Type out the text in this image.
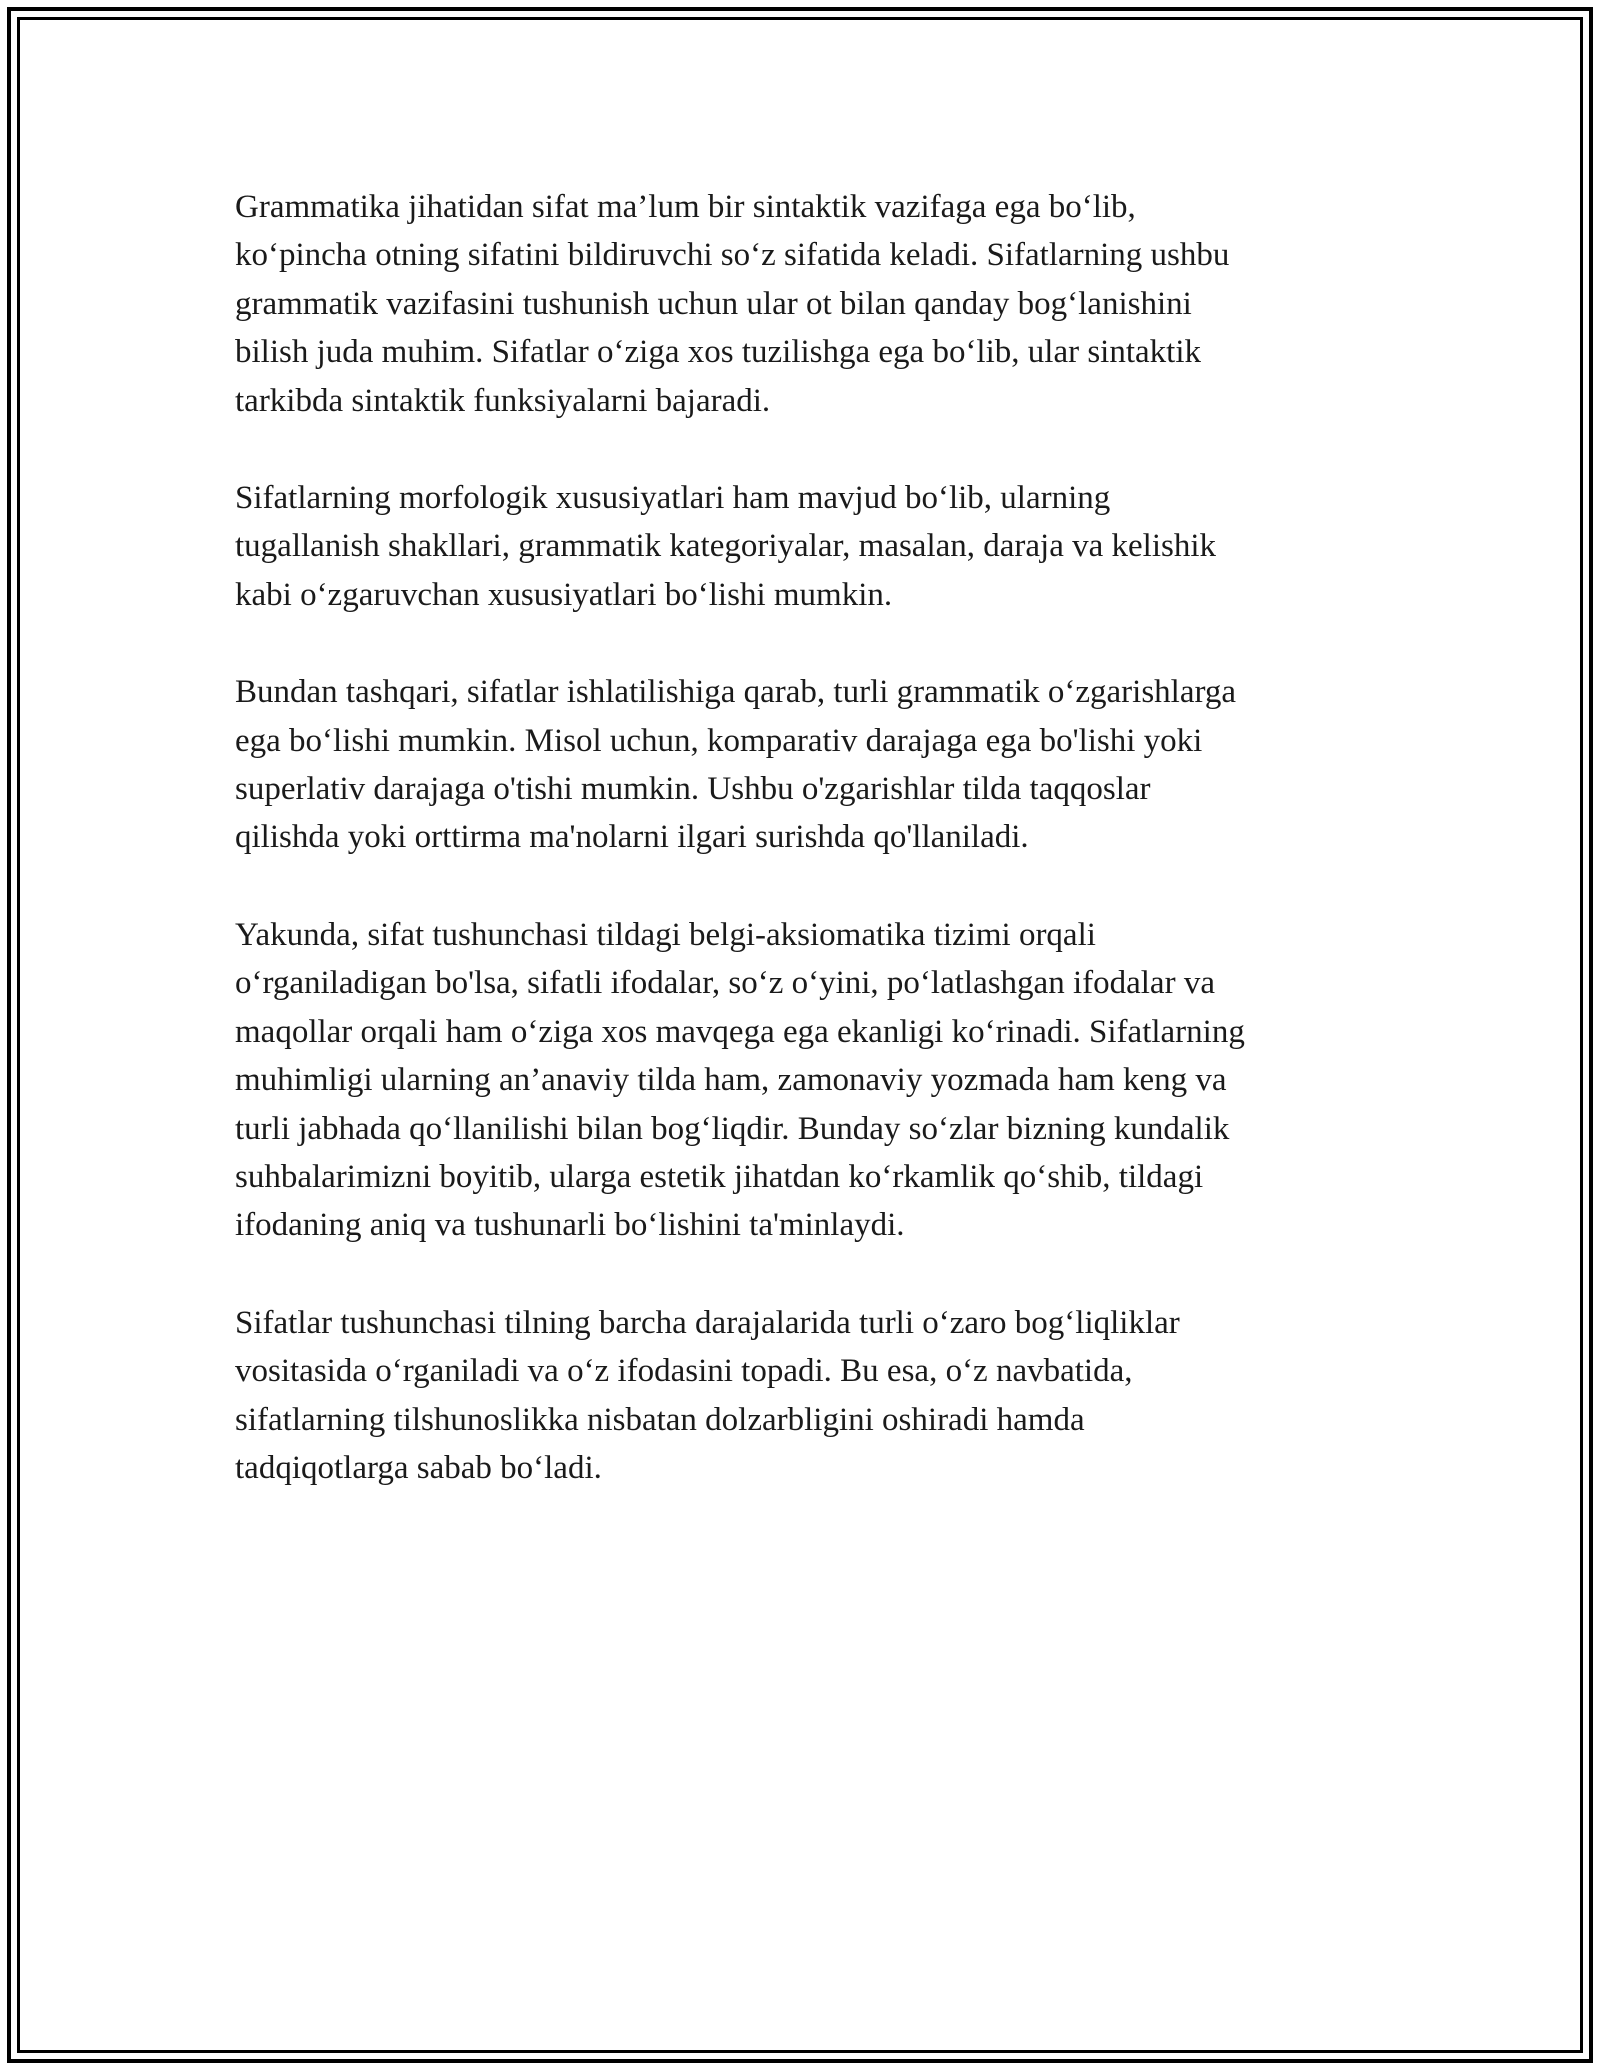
Grammatika jihatidan sifat ma’lum bir sintaktik vazifaga ega bo‘lib,
ko‘pincha otning sifatini bildiruvchi so‘z sifatida keladi. Sifatlarning ushbu
grammatik vazifasini tushunish uchun ular ot bilan qanday bog‘lanishini
bilish juda muhim. Sifatlar o‘ziga xos tuzilishga ega bo‘lib, ular sintaktik
tarkibda sintaktik funksiyalarni bajaradi.

Sifatlarning morfologik xususiyatlari ham mavjud bo‘lib, ularning
tugallanish shakllari, grammatik kategoriyalar, masalan, daraja va kelishik
kabi o‘zgaruvchan xususiyatlari bo‘lishi mumkin.

Bundan tashqari, sifatlar ishlatilishiga qarab, turli grammatik o‘zgarishlarga
ega bo‘lishi mumkin. Misol uchun, komparativ darajaga ega bo'lishi yoki
superlativ darajaga o'tishi mumkin. Ushbu o'zgarishlar tilda taqqoslar
qilishda yoki orttirma ma'nolarni ilgari surishda qo'llaniladi.

Yakunda, sifat tushunchasi tildagi belgi-aksiomatika tizimi orqali
o‘rganiladigan bo'lsa, sifatli ifodalar, so‘z o‘yini, po‘latlashgan ifodalar va
maqollar orqali ham o‘ziga xos mavqega ega ekanligi ko‘rinadi. Sifatlarning
muhimligi ularning an’anaviy tilda ham, zamonaviy yozmada ham keng va
turli jabhada qo‘llanilishi bilan bog‘liqdir. Bunday so‘zlar bizning kundalik
suhbalarimizni boyitib, ularga estetik jihatdan ko‘rkamlik qo‘shib, tildagi
ifodaning aniq va tushunarli bo‘lishini ta'minlaydi.

Sifatlar tushunchasi tilning barcha darajalarida turli o‘zaro bog‘liqliklar
vositasida o‘rganiladi va o‘z ifodasini topadi. Bu esa, o‘z navbatida,
sifatlarning tilshunoslikka nisbatan dolzarbligini oshiradi hamda
tadqiqotlarga sabab bo‘ladi.
